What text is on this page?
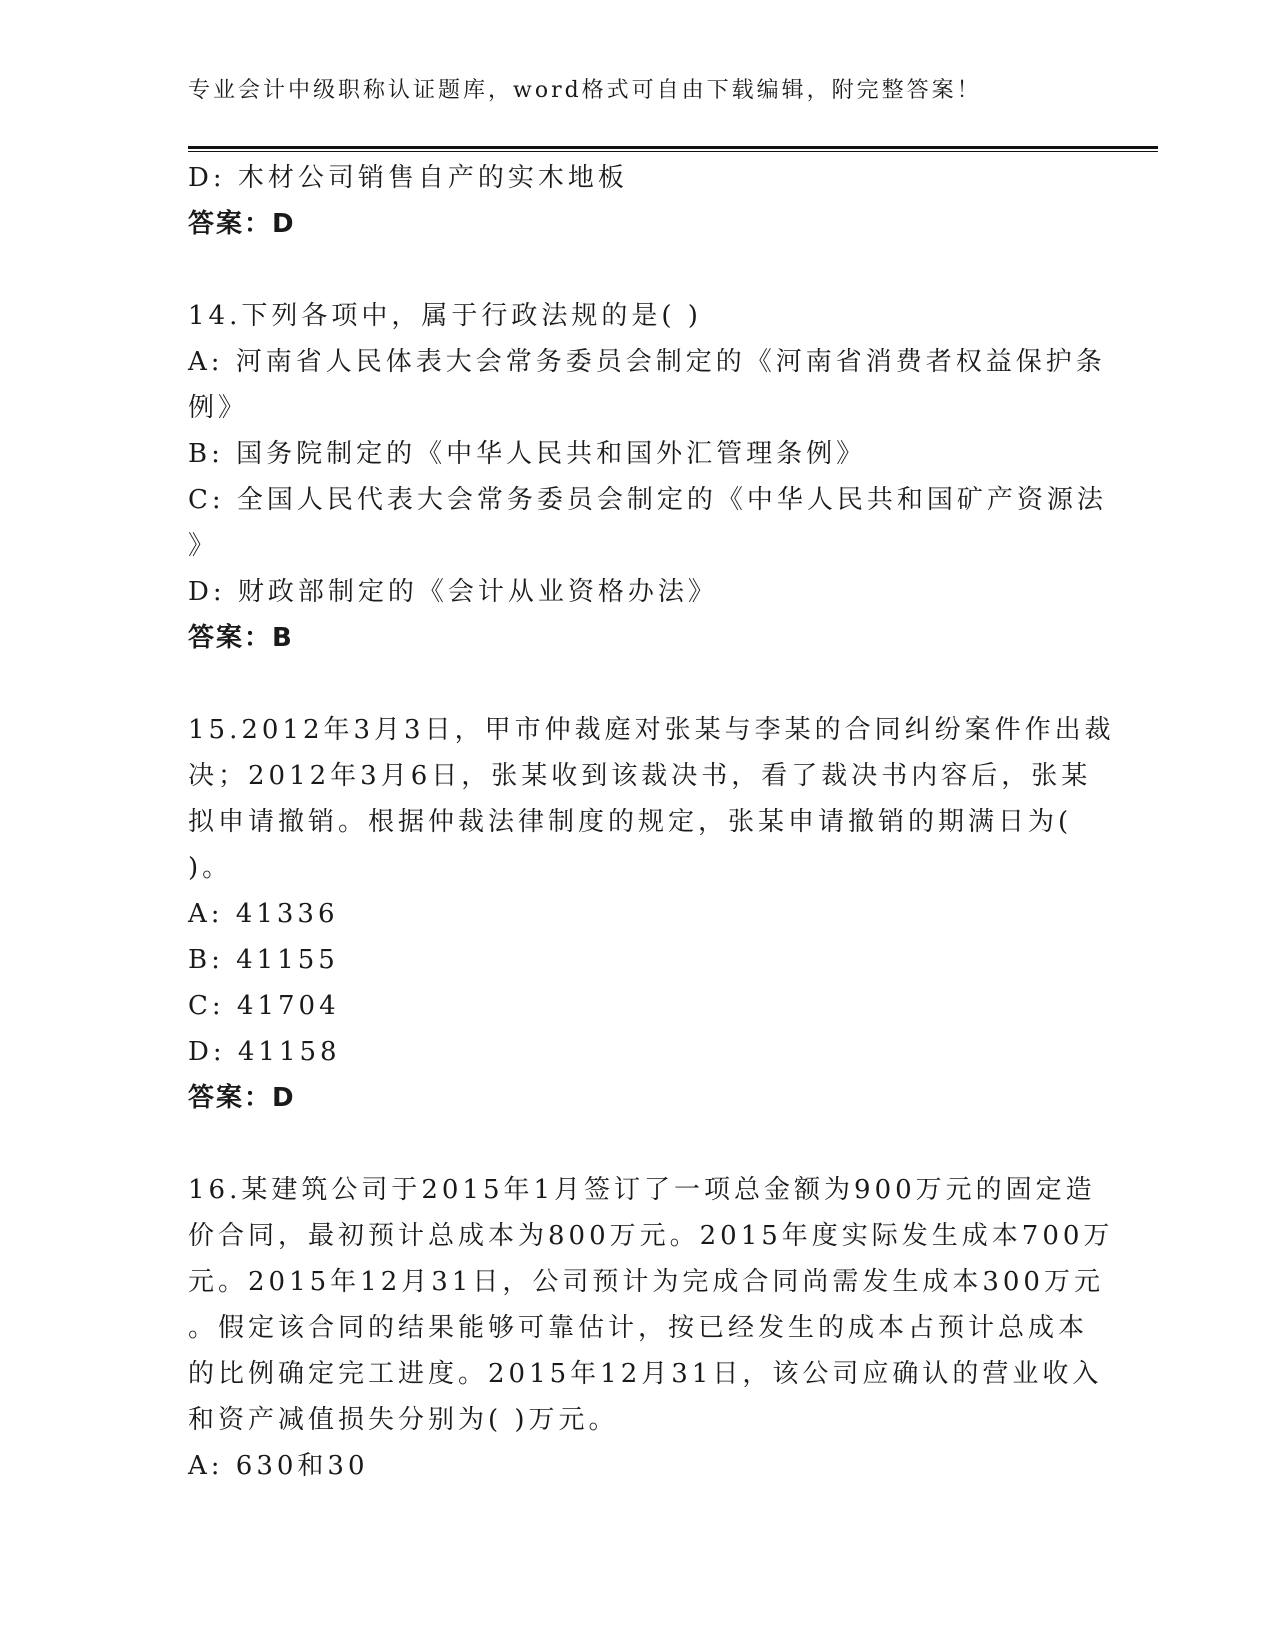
专业会计中级职称认证题库，word格式可自由下载编辑，附完整答案！
D: 木材公司销售自产的实木地板
答案：D
14.下列各项中，属于行政法规的是( )
A: 河南省人民体表大会常务委员会制定的《河南省消费者权益保护条
例》
B: 国务院制定的《中华人民共和国外汇管理条例》
C: 全国人民代表大会常务委员会制定的《中华人民共和国矿产资源法
》
D: 财政部制定的《会计从业资格办法》
答案：B
15.2012年3月3日，甲市仲裁庭对张某与李某的合同纠纷案件作出裁
决；2012年3月6日，张某收到该裁决书，看了裁决书内容后，张某
拟申请撤销。根据仲裁法律制度的规定，张某申请撤销的期满日为(
)。
A: 41336
B: 41155
C: 41704
D: 41158
答案：D
16.某建筑公司于2015年1月签订了一项总金额为900万元的固定造
价合同，最初预计总成本为800万元。2015年度实际发生成本700万
元。2015年12月31日，公司预计为完成合同尚需发生成本300万元
。假定该合同的结果能够可靠估计，按已经发生的成本占预计总成本
的比例确定完工进度。2015年12月31日，该公司应确认的营业收入
和资产减值损失分别为( )万元。
A: 630和30
